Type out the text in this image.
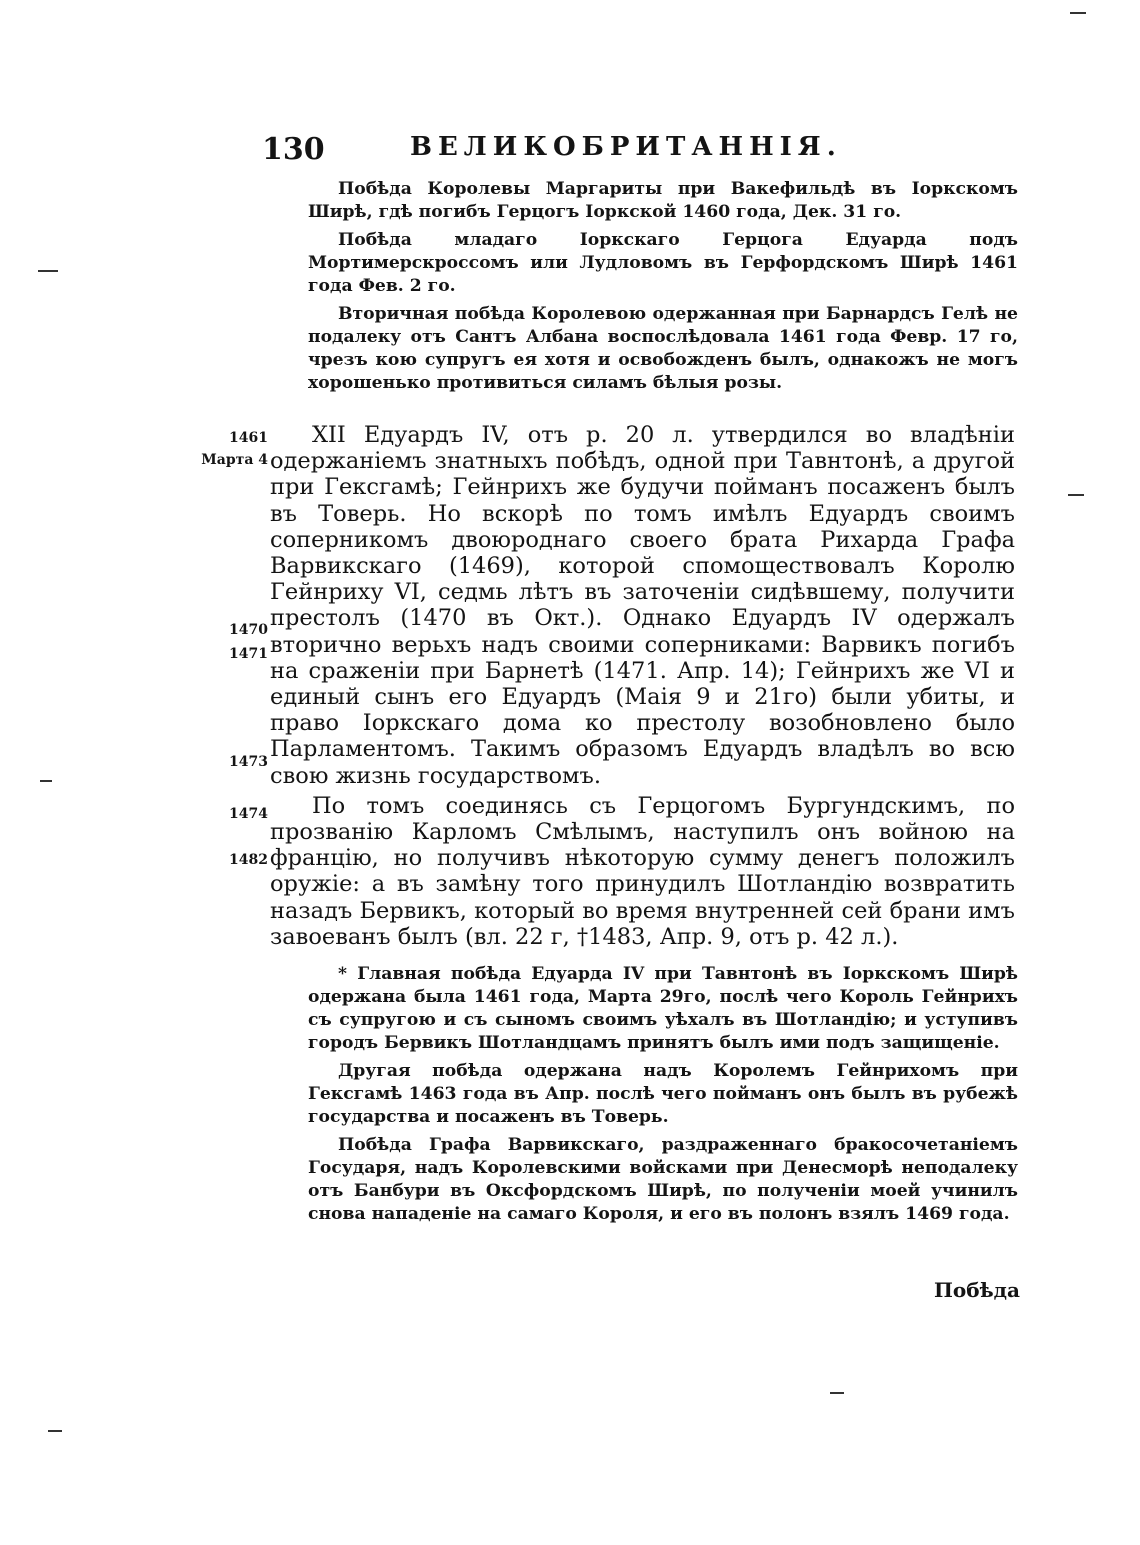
130	ВЕЛИКОБРИТАННІЯ.

Побѣда Королевы Маргариты при Вакефильдѣ въ Iоркскомъ Ширѣ, гдѣ погибъ Герцогъ Iоркской 1460 года, Дек. 31 го.

Побѣда младаго Iоркскаго Герцога Едуарда подъ Мортимерскроссомъ или Лудловомъ въ Герфордскомъ Ширѣ 1461 года Фев. 2 го.

Вторичная побѣда Королевою одержанная при Барнардсъ Гелѣ не подалеку отъ Сантъ Албана воспослѣдовала 1461 года Февр. 17 го, чрезъ кою супругъ ея хотя и освобожденъ былъ, однакожъ не могъ хорошенько противиться силамъ бѣлыя розы.

1461
Марта 4
1470
1471
1473
1474
1482

XII Едуардъ IV, отъ р. 20 л. утвердился во владѣніи одержаніемъ знатныхъ побѣдъ, одной при Тавнтонѣ, а другой при Гексгамѣ; Гейнрихъ же будучи пойманъ посаженъ былъ въ Товерь. Но вскорѣ по томъ имѣлъ Едуардъ своимъ соперникомъ двоюроднаго своего брата Рихарда Графа Варвикскаго (1469), которой спомоществовалъ Королю Гейнриху VI, седмь лѣтъ въ заточеніи сидѣвшему, получити престолъ (1470 въ Окт.). Однако Едуардъ IV одержалъ вторично верьхъ надъ своими соперниками: Варвикъ погибъ на сраженіи при Барнетѣ (1471. Апр. 14); Гейнрихъ же VI и единый сынъ его Едуардъ (Маія 9 и 21го) были убиты, и право Iоркскаго дома ко престолу возобновлено было Парламентомъ. Такимъ образомъ Едуардъ владѣлъ во всю свою жизнь государствомъ.

По томъ соединясь съ Герцогомъ Бургундскимъ, по прозванію Карломъ Смѣлымъ, наступилъ онъ войною на францію, но получивъ нѣкоторую сумму денегъ положилъ оружіе: а въ замѣну того принудилъ Шотландію возвратить назадъ Бервикъ, который во время внутренней сей брани имъ завоеванъ былъ (вл. 22 г, †1483, Апр. 9, отъ р. 42 л.).

* Главная побѣда Едуарда IV при Тавнтонѣ въ Iоркскомъ Ширѣ одержана была 1461 года, Марта 29го, послѣ чего Король Гейнрихъ съ супругою и съ сыномъ своимъ уѣхалъ въ Шотландію; и уступивъ городъ Бервикъ Шотландцамъ принятъ былъ ими подъ защищеніе.

Другая побѣда одержана надъ Королемъ Гейнрихомъ при Гексгамѣ 1463 года въ Апр. послѣ чего пойманъ онъ былъ въ рубежѣ государства и посаженъ въ Товерь.

Побѣда Графа Варвикскаго, раздраженнаго бракосочетаніемъ Государя, надъ Королевскими войсками при Денесморѣ неподалеку отъ Банбури въ Оксфордскомъ Ширѣ, по полученіи моей учинилъ снова нападеніе на самаго Короля, и его въ полонъ взялъ 1469 года.

Побѣда
